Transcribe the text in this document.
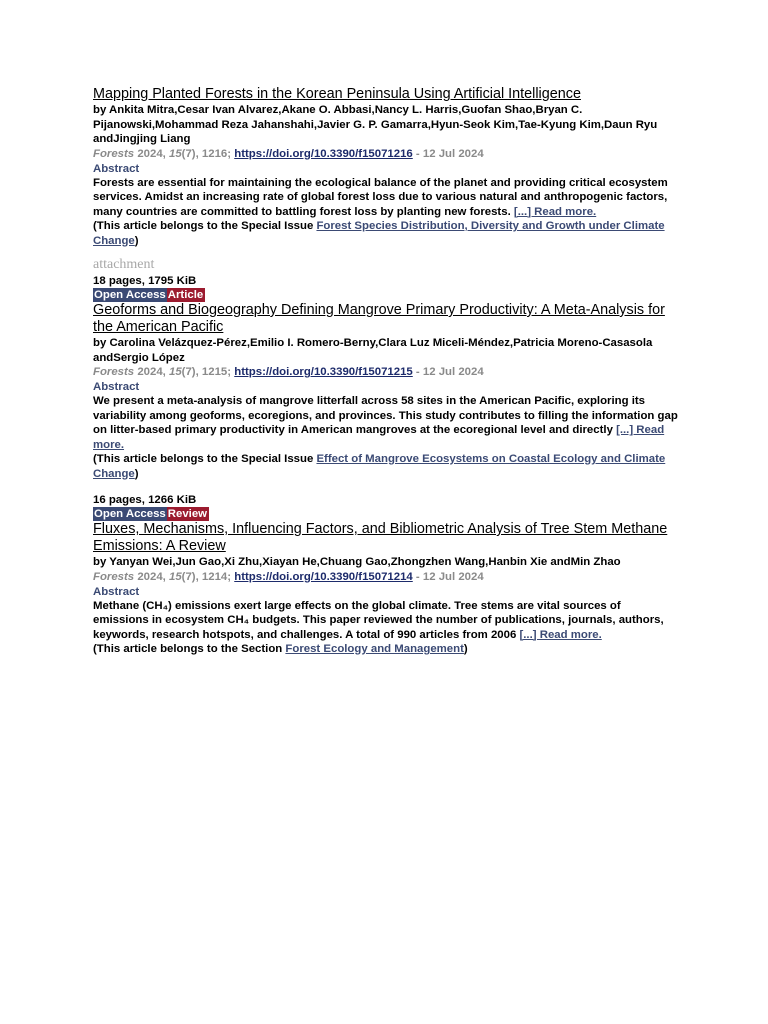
Mapping Planted Forests in the Korean Peninsula Using Artificial Intelligence
by Ankita Mitra,Cesar Ivan Alvarez,Akane O. Abbasi,Nancy L. Harris,Guofan Shao,Bryan C. Pijanowski,Mohammad Reza Jahanshahi,Javier G. P. Gamarra,Hyun-Seok Kim,Tae-Kyung Kim,Daun Ryu andJingjing Liang
Forests 2024, 15(7), 1216; https://doi.org/10.3390/f15071216 - 12 Jul 2024
Abstract
Forests are essential for maintaining the ecological balance of the planet and providing critical ecosystem services. Amidst an increasing rate of global forest loss due to various natural and anthropogenic factors, many countries are committed to battling forest loss by planting new forests. [...] Read more.
(This article belongs to the Special Issue Forest Species Distribution, Diversity and Growth under Climate Change)
attachment
18 pages, 1795 KiB
Open Access Article
Geoforms and Biogeography Defining Mangrove Primary Productivity: A Meta-Analysis for the American Pacific
by Carolina Velázquez-Pérez,Emilio I. Romero-Berny,Clara Luz Miceli-Méndez,Patricia Moreno-Casasola andSergio López
Forests 2024, 15(7), 1215; https://doi.org/10.3390/f15071215 - 12 Jul 2024
Abstract
We present a meta-analysis of mangrove litterfall across 58 sites in the American Pacific, exploring its variability among geoforms, ecoregions, and provinces. This study contributes to filling the information gap on litter-based primary productivity in American mangroves at the ecoregional level and directly [...] Read more.
(This article belongs to the Special Issue Effect of Mangrove Ecosystems on Coastal Ecology and Climate Change)
16 pages, 1266 KiB
Open Access Review
Fluxes, Mechanisms, Influencing Factors, and Bibliometric Analysis of Tree Stem Methane Emissions: A Review
by Yanyan Wei,Jun Gao,Xi Zhu,Xiayan He,Chuang Gao,Zhongzhen Wang,Hanbin Xie andMin Zhao
Forests 2024, 15(7), 1214; https://doi.org/10.3390/f15071214 - 12 Jul 2024
Abstract
Methane (CH₄) emissions exert large effects on the global climate. Tree stems are vital sources of emissions in ecosystem CH₄ budgets. This paper reviewed the number of publications, journals, authors, keywords, research hotspots, and challenges. A total of 990 articles from 2006 [...] Read more.
(This article belongs to the Section Forest Ecology and Management)
